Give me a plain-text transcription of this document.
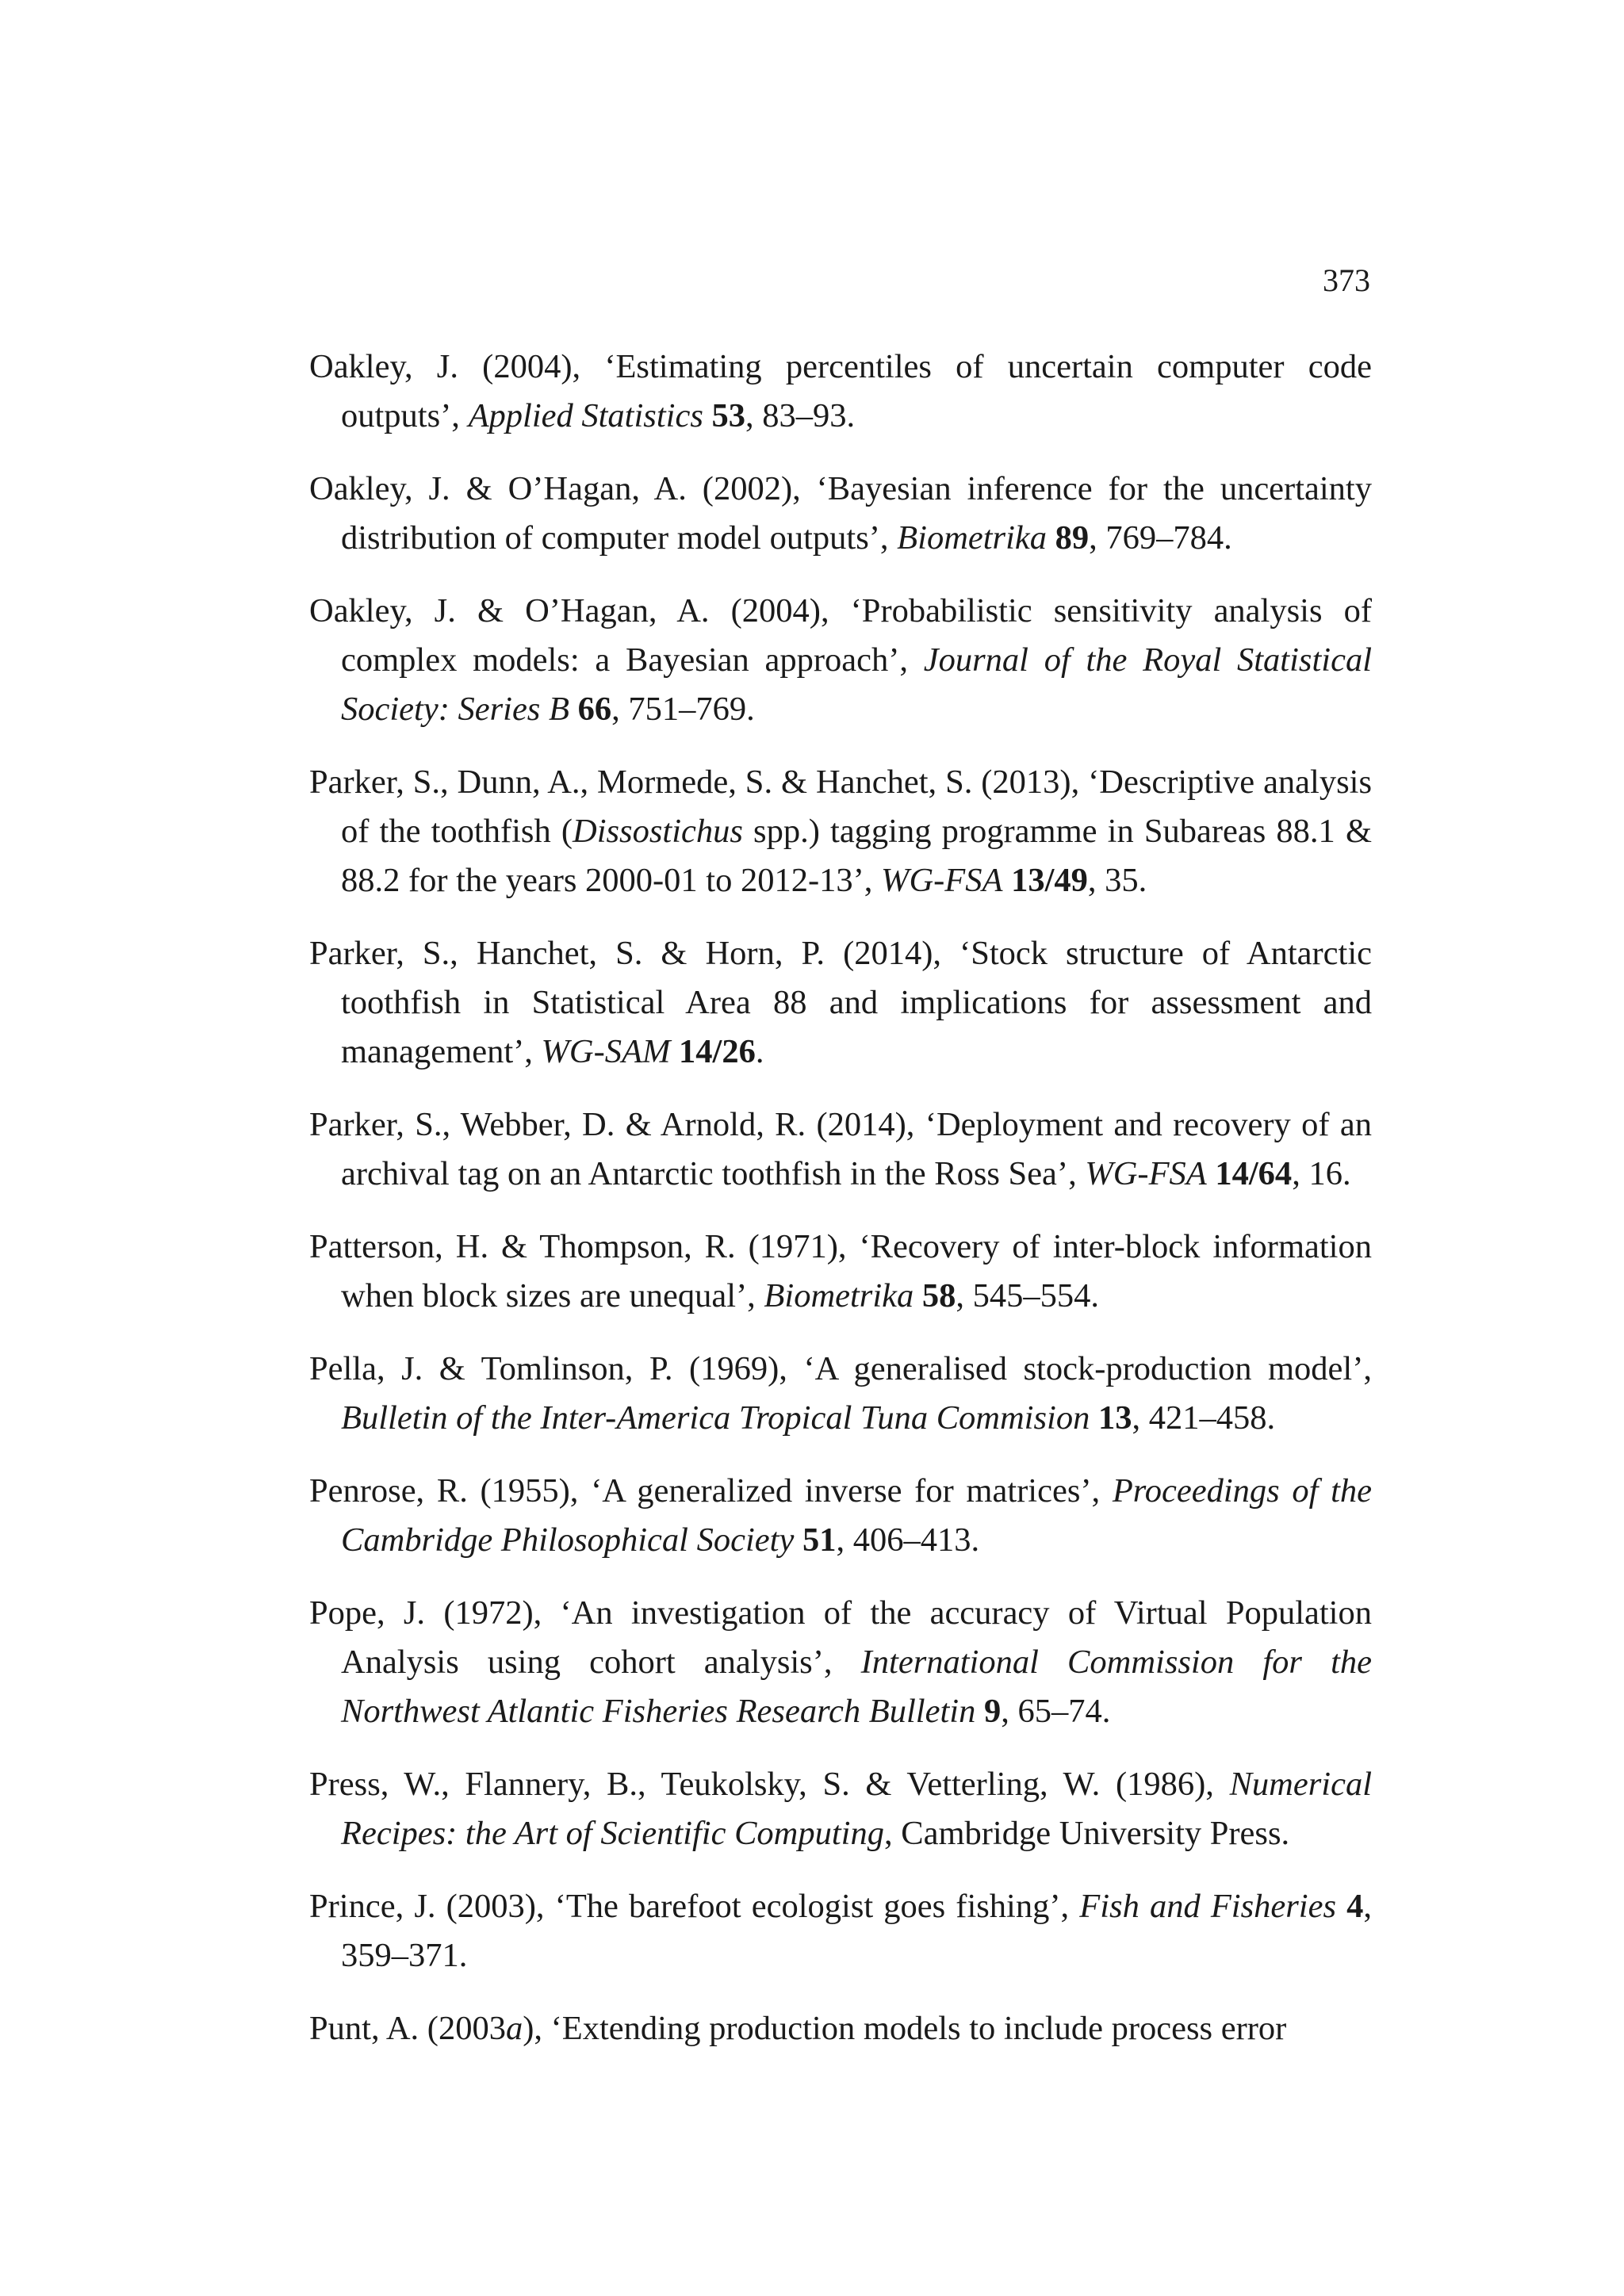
373

Oakley, J. (2004), ‘Estimating percentiles of uncertain computer code outputs’, Applied Statistics 53, 83–93.

Oakley, J. & O’Hagan, A. (2002), ‘Bayesian inference for the uncertainty distribution of computer model outputs’, Biometrika 89, 769–784.

Oakley, J. & O’Hagan, A. (2004), ‘Probabilistic sensitivity analysis of complex models: a Bayesian approach’, Journal of the Royal Statistical Society: Series B 66, 751–769.

Parker, S., Dunn, A., Mormede, S. & Hanchet, S. (2013), ‘Descriptive analysis of the toothfish (Dissostichus spp.) tagging programme in Subareas 88.1 & 88.2 for the years 2000-01 to 2012-13’, WG-FSA 13/49, 35.

Parker, S., Hanchet, S. & Horn, P. (2014), ‘Stock structure of Antarctic toothfish in Statistical Area 88 and implications for assessment and management’, WG-SAM 14/26.

Parker, S., Webber, D. & Arnold, R. (2014), ‘Deployment and recovery of an archival tag on an Antarctic toothfish in the Ross Sea’, WG-FSA 14/64, 16.

Patterson, H. & Thompson, R. (1971), ‘Recovery of inter-block information when block sizes are unequal’, Biometrika 58, 545–554.

Pella, J. & Tomlinson, P. (1969), ‘A generalised stock-production model’, Bulletin of the Inter-America Tropical Tuna Commision 13, 421–458.

Penrose, R. (1955), ‘A generalized inverse for matrices’, Proceedings of the Cambridge Philosophical Society 51, 406–413.

Pope, J. (1972), ‘An investigation of the accuracy of Virtual Population Analysis using cohort analysis’, International Commission for the Northwest Atlantic Fisheries Research Bulletin 9, 65–74.

Press, W., Flannery, B., Teukolsky, S. & Vetterling, W. (1986), Numerical Recipes: the Art of Scientific Computing, Cambridge University Press.

Prince, J. (2003), ‘The barefoot ecologist goes fishing’, Fish and Fisheries 4, 359–371.

Punt, A. (2003a), ‘Extending production models to include process error
